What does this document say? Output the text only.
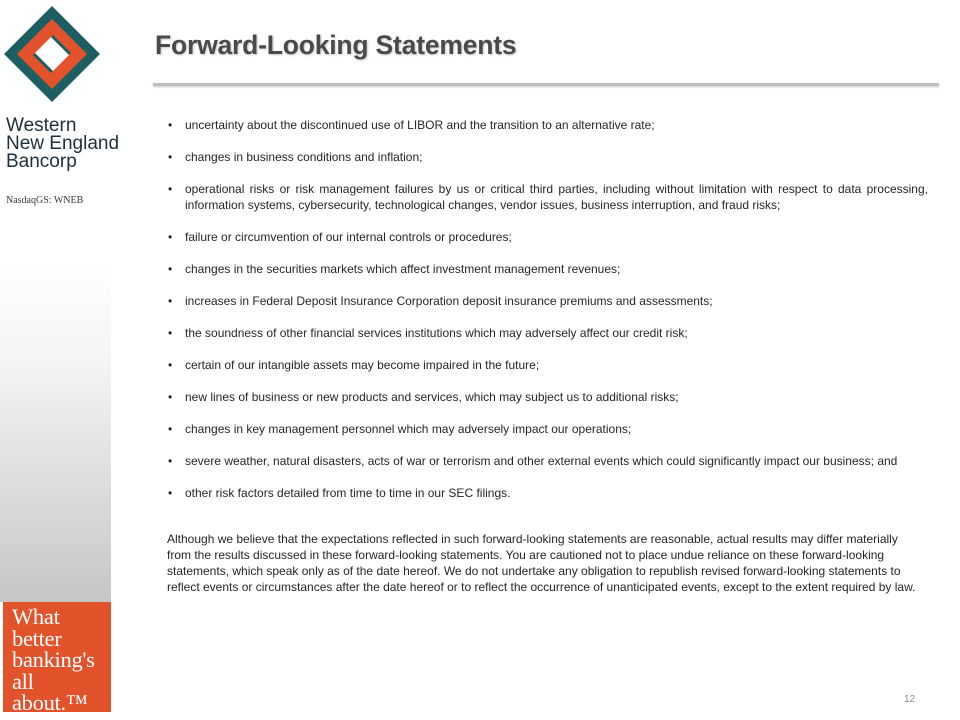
Western
New England
Bancorp
NasdaqGS: WNEB
What
better
banking's
all about.™
Forward-Looking Statements
• uncertainty about the discontinued use of LIBOR and the transition to an alternative rate;
• changes in business conditions and inflation;
• operational risks or risk management failures by us or critical third parties, including without limitation with respect to data processing, information systems, cybersecurity, technological changes, vendor issues, business interruption, and fraud risks;
• failure or circumvention of our internal controls or procedures;
• changes in the securities markets which affect investment management revenues;
• increases in Federal Deposit Insurance Corporation deposit insurance premiums and assessments;
• the soundness of other financial services institutions which may adversely affect our credit risk;
• certain of our intangible assets may become impaired in the future;
• new lines of business or new products and services, which may subject us to additional risks;
• changes in key management personnel which may adversely impact our operations;
• severe weather, natural disasters, acts of war or terrorism and other external events which could significantly impact our business; and
• other risk factors detailed from time to time in our SEC filings.

Although we believe that the expectations reflected in such forward-looking statements are reasonable, actual results may differ materially from the results discussed in these forward-looking statements. You are cautioned not to place undue reliance on these forward-looking statements, which speak only as of the date hereof. We do not undertake any obligation to republish revised forward-looking statements to reflect events or circumstances after the date hereof or to reflect the occurrence of unanticipated events, except to the extent required by law.

12
